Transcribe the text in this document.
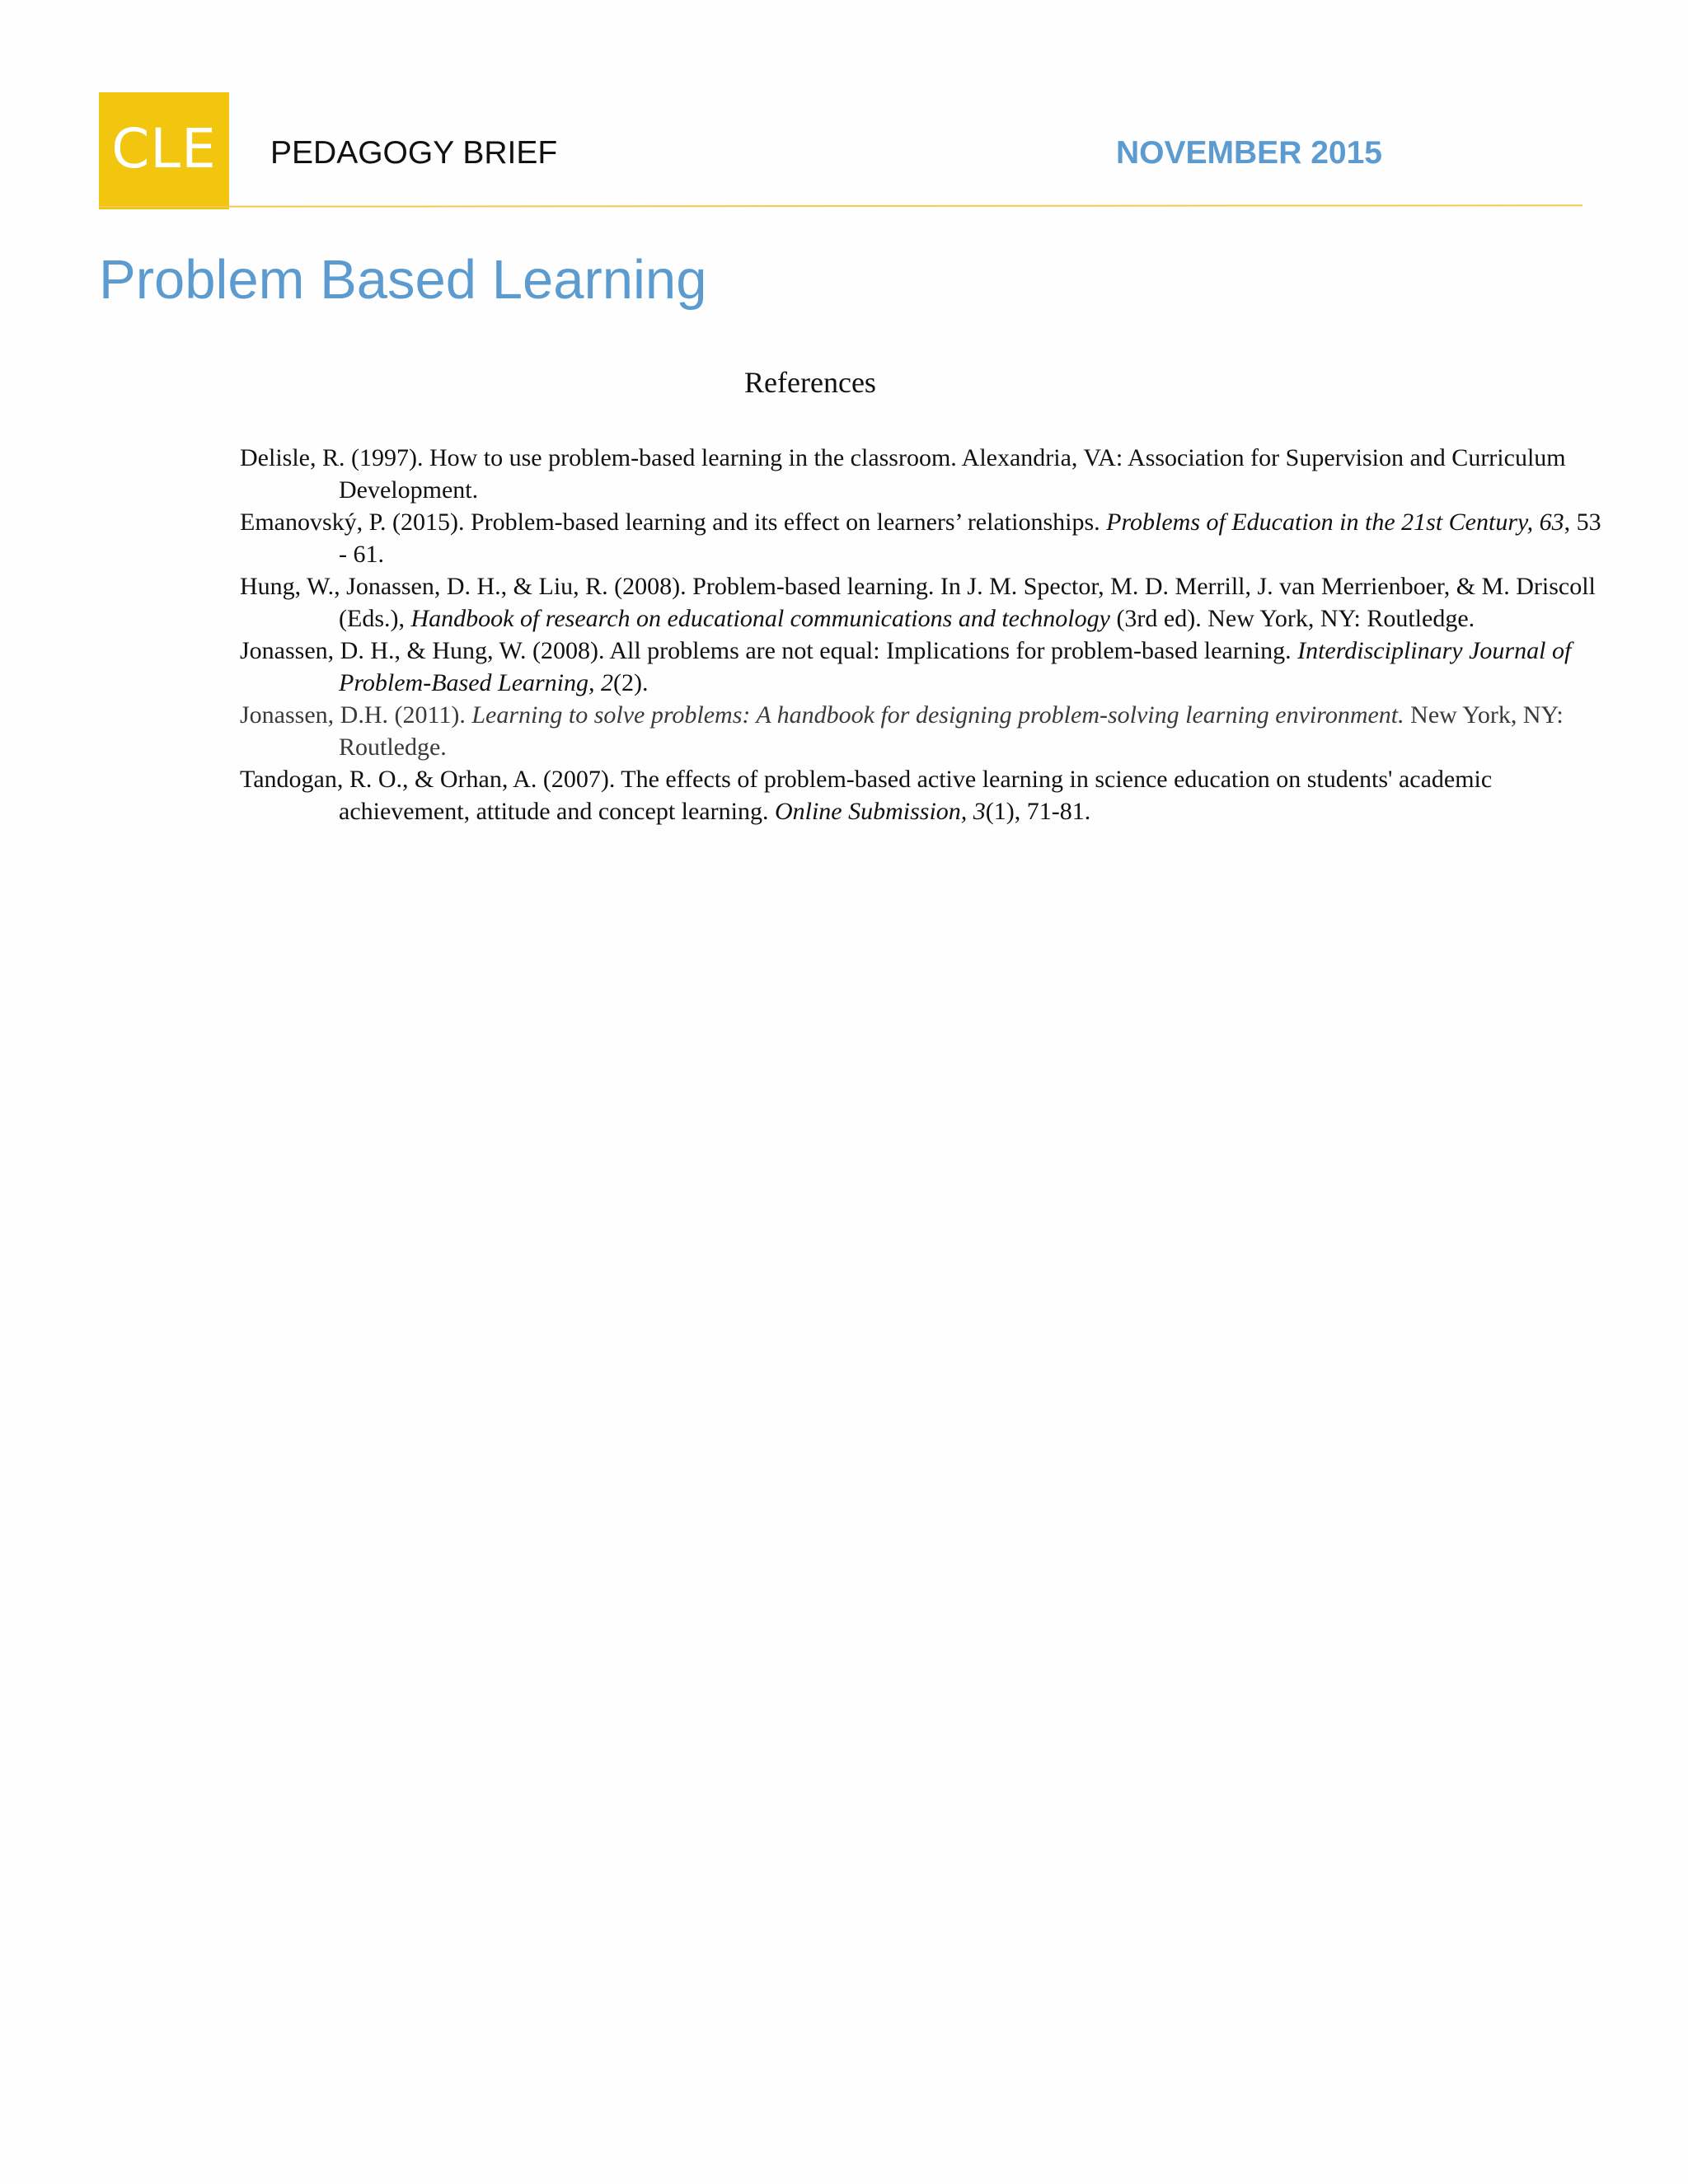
CLE PEDAGOGY BRIEF	NOVEMBER 2015
Problem Based Learning
References
Delisle, R. (1997). How to use problem-based learning in the classroom. Alexandria, VA: Association for Supervision and Curriculum Development.
Emanovský, P. (2015). Problem-based learning and its effect on learners’ relationships. Problems of Education in the 21st Century, 63, 53 - 61.
Hung, W., Jonassen, D. H., & Liu, R. (2008). Problem-based learning. In J. M. Spector, M. D. Merrill, J. van Merrienboer, & M. Driscoll (Eds.), Handbook of research on educational communications and technology (3rd ed). New York, NY: Routledge.
Jonassen, D. H., & Hung, W. (2008). All problems are not equal: Implications for problem-based learning. Interdisciplinary Journal of Problem-Based Learning, 2(2).
Jonassen, D.H. (2011). Learning to solve problems: A handbook for designing problem-solving learning environment. New York, NY: Routledge.
Tandogan, R. O., & Orhan, A. (2007). The effects of problem-based active learning in science education on students' academic achievement, attitude and concept learning. Online Submission, 3(1), 71-81.
